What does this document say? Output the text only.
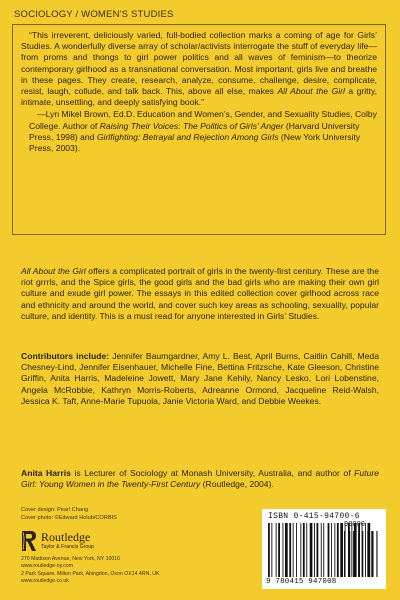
SOCIOLOGY / WOMEN'S STUDIES

“This irreverent, deliciously varied, full-bodied collection marks a coming of age for Girls’ Studies. A wonderfully diverse array of scholar/activists interrogate the stuff of everyday life—from proms and thongs to girl power politics and all waves of feminism—to theorize contemporary girlhood as a transnational conversation. Most important, girls live and breathe in these pages. They create, research, analyze, consume, challenge, desire, complicate, resist, laugh, collude, and talk back. This, above all else, makes All About the Girl a gritty, intimate, unsettling, and deeply satisfying book.”

—Lyn Mikel Brown, Ed.D. Education and Women’s, Gender, and Sexuality Studies, Colby College. Author of Raising Their Voices: The Politics of Girls’ Anger (Harvard University Press, 1998) and Girlfighting: Betrayal and Rejection Among Girls (New York University Press, 2003).

All About the Girl offers a complicated portrait of girls in the twenty-first century. These are the riot grrrls, and the Spice girls, the good girls and the bad girls who are making their own girl culture and exude girl power. The essays in this edited collection cover girlhood across race and ethnicity and around the world, and cover such key areas as schooling, sexuality, popular culture, and identity. This is a must read for anyone interested in Girls’ Studies.

Contributors include: Jennifer Baumgardner, Amy L. Best, April Burns, Caitlin Cahill, Meda Chesney-Lind, Jennifer Eisenhauer, Michelle Fine, Bettina Fritzsche, Kate Gleeson, Christine Griffin, Anita Harris, Madeleine Jowett, Mary Jane Kehily, Nancy Lesko, Lori Lobenstine, Angela McRobbie, Kathryn Morris-Roberts, Adreanne Ormond, Jacqueline Reid-Walsh, Jessica K. Taft, Anne-Marie Tupuola, Janie Victoria Ward, and Debbie Weekes.

Anita Harris is Lecturer of Sociology at Monash University, Australia, and author of Future Girl: Young Women in the Twenty-First Century (Routledge, 2004).

Cover design: Pearl Chang
Cover photo: ©Edward Holub/CORBIS
Routledge
Taylor & Francis Group
270 Madison Avenue, New York, NY 10016
www.routledge-ny.com
2 Park Square, Milton Park, Abingdon, Oxon OX14 4RN, UK
www.routledge.co.uk
ISBN 0-415-94700-6
90000
9 780415 947008
